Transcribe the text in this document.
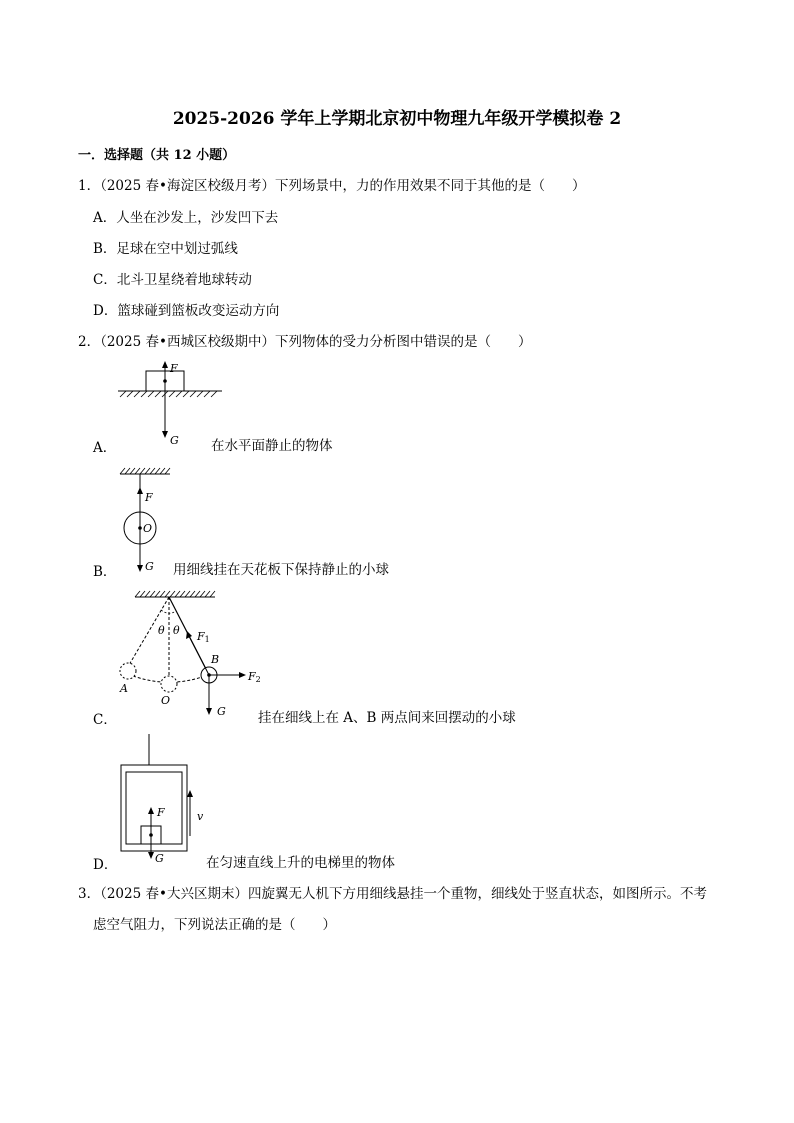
2025-2026 学年上学期北京初中物理九年级开学模拟卷 2
一．选择题（共 12 小题）
1．（2025 春•海淀区校级月考）下列场景中，力的作用效果不同于其他的是（　　）
A．人坐在沙发上，沙发凹下去
B．足球在空中划过弧线
C．北斗卫星绕着地球转动
D．篮球碰到篮板改变运动方向
2．（2025 春•西城区校级期中）下列物体的受力分析图中错误的是（　　）
F
G
A．	在水平面静止的物体
F
O
G
B．	用细线挂在天花板下保持静止的小球
θ θ F1
F2
A
O
B
G
C．	挂在细线上在 A、B 两点间来回摆动的小球
F
G
v
D．	在匀速直线上升的电梯里的物体
3．（2025 春•大兴区期末）四旋翼无人机下方用细线悬挂一个重物，细线处于竖直状态，如图所示。不考
虑空气阻力，下列说法正确的是（　　）
